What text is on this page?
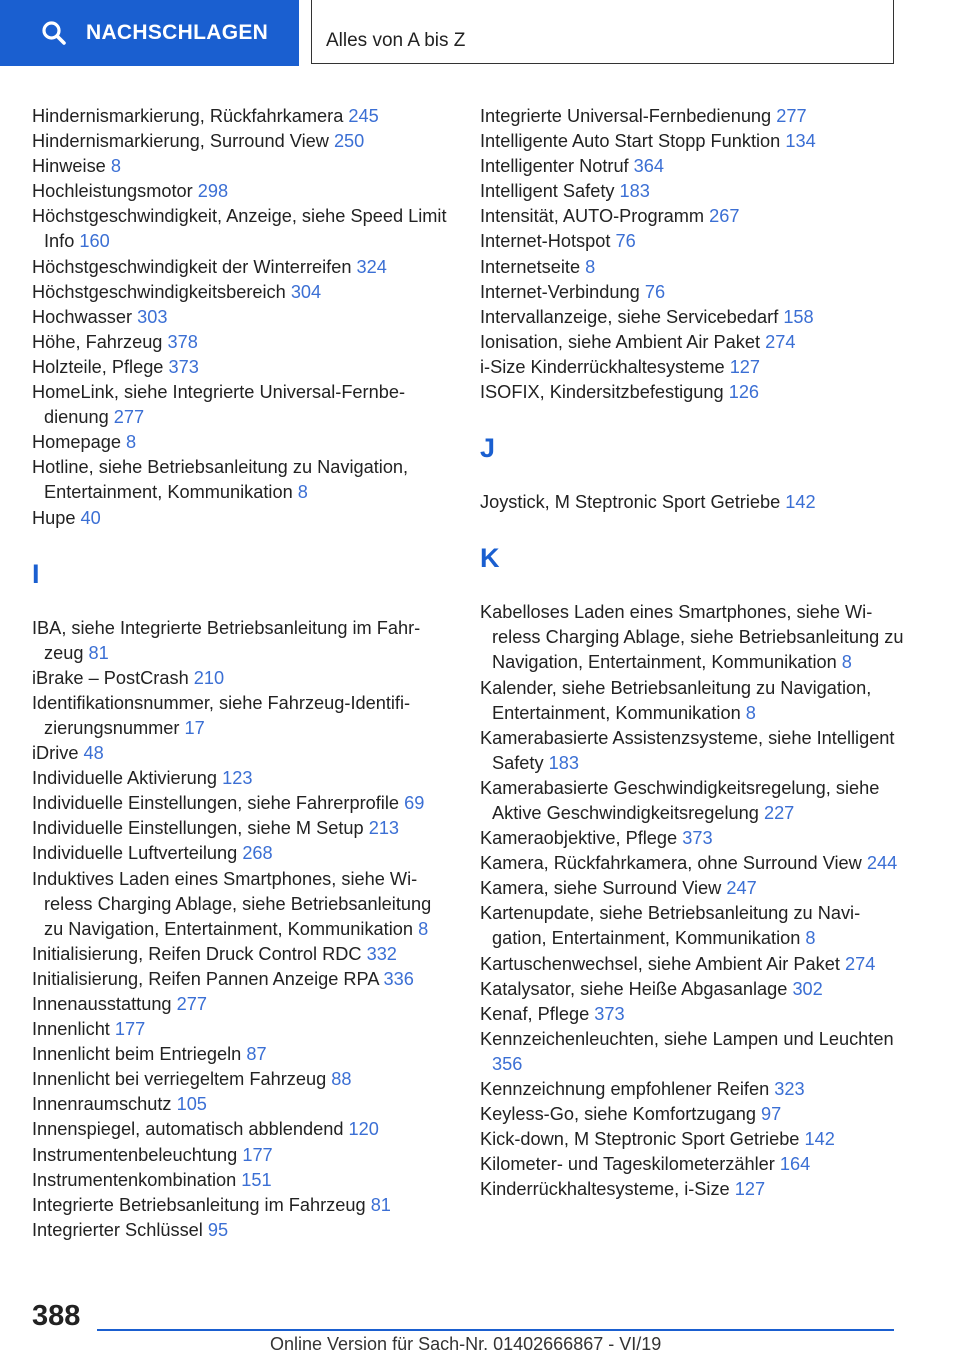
NACHSCHLAGEN	Alles von A bis Z
Hindernismarkierung, Rückfahrkamera 245
Hindernismarkierung, Surround View 250
Hinweise 8
Hochleistungsmotor 298
Höchstgeschwindigkeit, Anzeige, siehe Speed Limit Info 160
Höchstgeschwindigkeit der Winterreifen 324
Höchstgeschwindigkeitsbereich 304
Hochwasser 303
Höhe, Fahrzeug 378
Holzteile, Pflege 373
HomeLink, siehe Integrierte Universal-Fernbedienung 277
Homepage 8
Hotline, siehe Betriebsanleitung zu Navigation, Entertainment, Kommunikation 8
Hupe 40
I
IBA, siehe Integrierte Betriebsanleitung im Fahrzeug 81
iBrake – PostCrash 210
Identifikationsnummer, siehe Fahrzeug-Identifizierungsnummer 17
iDrive 48
Individuelle Aktivierung 123
Individuelle Einstellungen, siehe Fahrerprofile 69
Individuelle Einstellungen, siehe M Setup 213
Individuelle Luftverteilung 268
Induktives Laden eines Smartphones, siehe Wireless Charging Ablage, siehe Betriebsanleitung zu Navigation, Entertainment, Kommunikation 8
Initialisierung, Reifen Druck Control RDC 332
Initialisierung, Reifen Pannen Anzeige RPA 336
Innenausstattung 277
Innenlicht 177
Innenlicht beim Entriegeln 87
Innenlicht bei verriegeltem Fahrzeug 88
Innenraumschutz 105
Innenspiegel, automatisch abblendend 120
Instrumentenbeleuchtung 177
Instrumentenkombination 151
Integrierte Betriebsanleitung im Fahrzeug 81
Integrierter Schlüssel 95
Integrierte Universal-Fernbedienung 277
Intelligente Auto Start Stopp Funktion 134
Intelligenter Notruf 364
Intelligent Safety 183
Intensität, AUTO-Programm 267
Internet-Hotspot 76
Internetseite 8
Internet-Verbindung 76
Intervallanzeige, siehe Servicebedarf 158
Ionisation, siehe Ambient Air Paket 274
i-Size Kinderrückhaltesysteme 127
ISOFIX, Kindersitzbefestigung 126
J
Joystick, M Steptronic Sport Getriebe 142
K
Kabelloses Laden eines Smartphones, siehe Wireless Charging Ablage, siehe Betriebsanleitung zu Navigation, Entertainment, Kommunikation 8
Kalender, siehe Betriebsanleitung zu Navigation, Entertainment, Kommunikation 8
Kamerabasierte Assistenzsysteme, siehe Intelligent Safety 183
Kamerabasierte Geschwindigkeitsregelung, siehe Aktive Geschwindigkeitsregelung 227
Kameraobjektive, Pflege 373
Kamera, Rückfahrkamera, ohne Surround View 244
Kamera, siehe Surround View 247
Kartenupdate, siehe Betriebsanleitung zu Navigation, Entertainment, Kommunikation 8
Kartuschenwechsel, siehe Ambient Air Paket 274
Katalysator, siehe Heiße Abgasanlage 302
Kenaf, Pflege 373
Kennzeichenleuchten, siehe Lampen und Leuchten 356
Kennzeichnung empfohlener Reifen 323
Keyless-Go, siehe Komfortzugang 97
Kick-down, M Steptronic Sport Getriebe 142
Kilometer- und Tageskilometerzähler 164
Kinderrückhaltesysteme, i-Size 127
388
Online Version für Sach-Nr. 01402666867 - VI/19
